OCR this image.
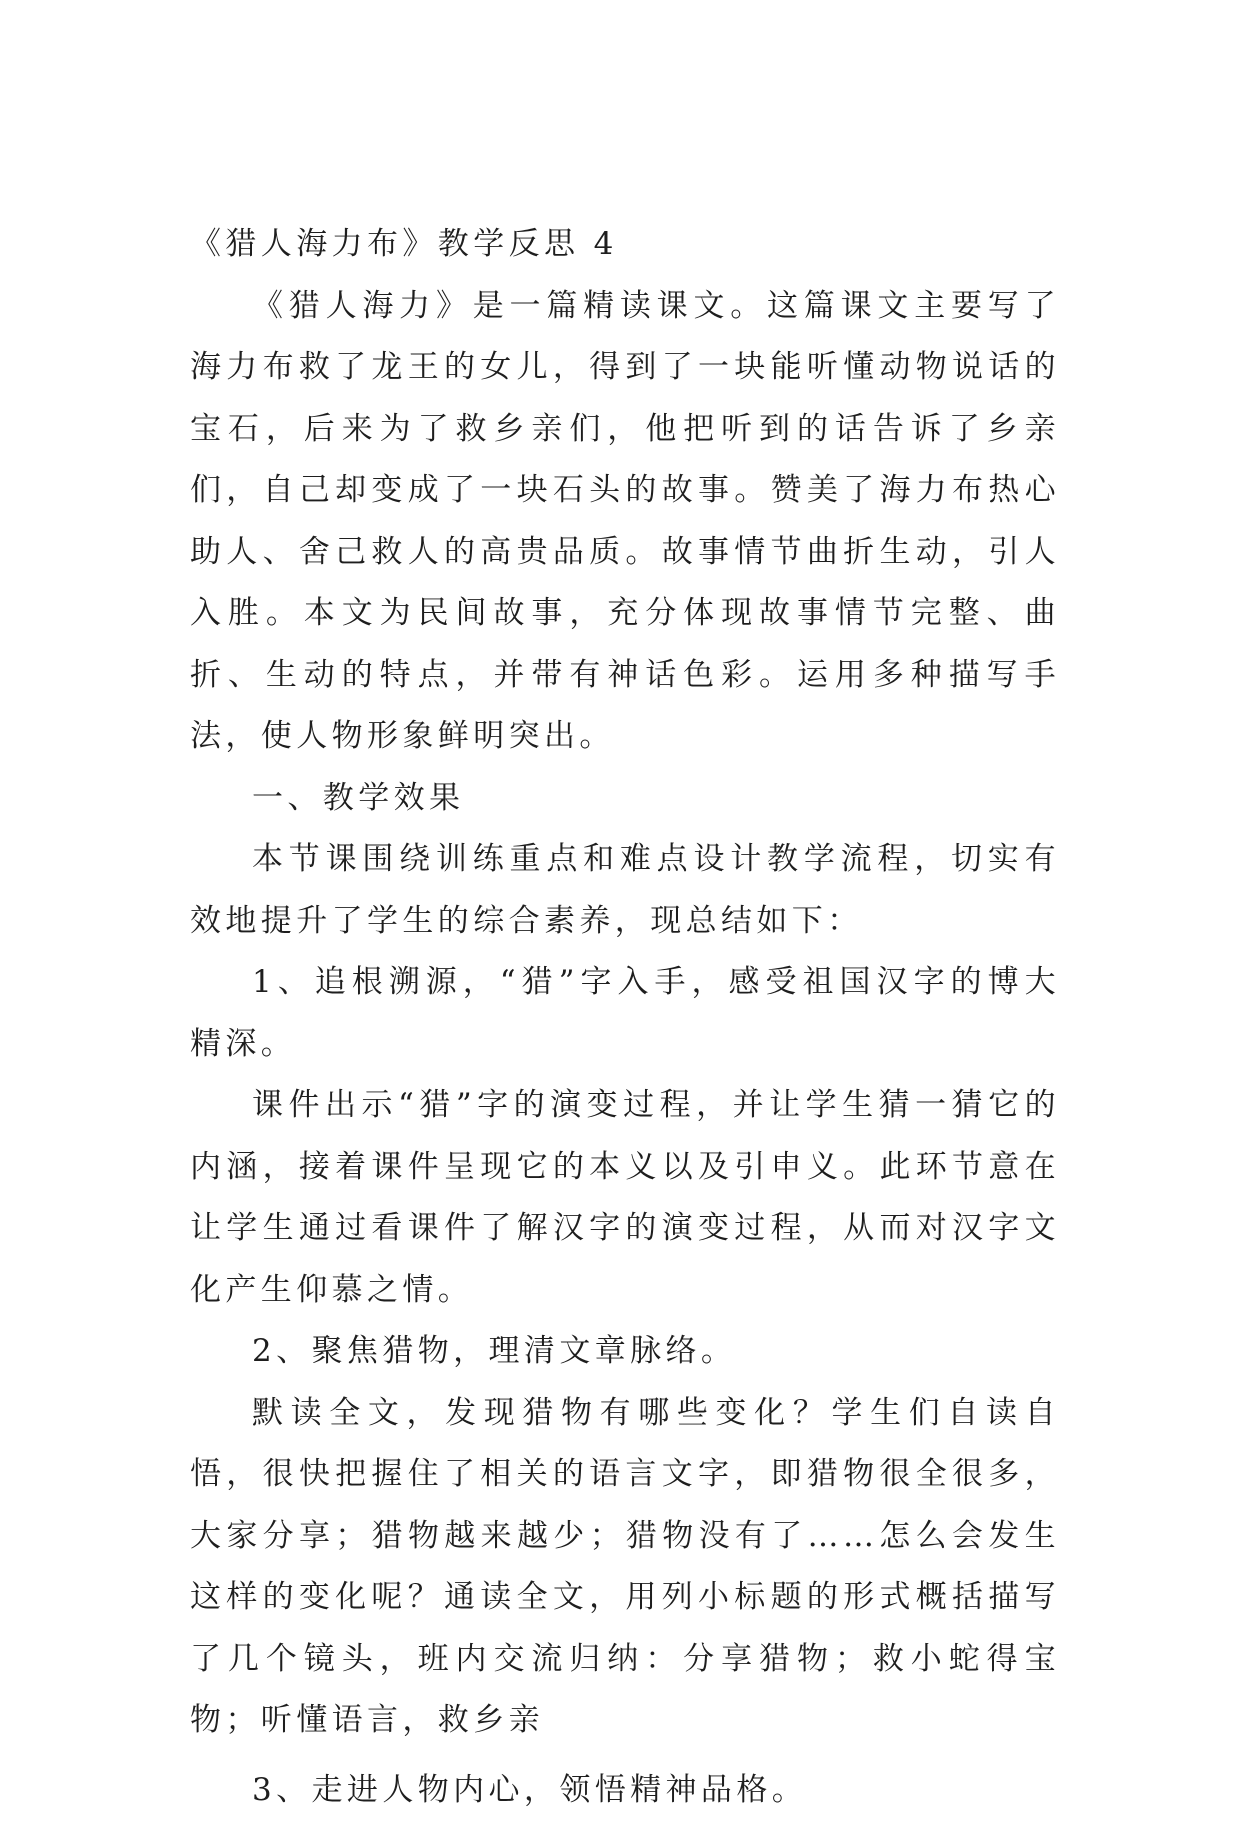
《猎人海力布》教学反思 4

《猎人海力》是一篇精读课文。这篇课文主要写了海力布救了龙王的女儿，得到了一块能听懂动物说话的宝石，后来为了救乡亲们，他把听到的话告诉了乡亲们，自己却变成了一块石头的故事。赞美了海力布热心助人、舍己救人的高贵品质。故事情节曲折生动，引人入胜。本文为民间故事，充分体现故事情节完整、曲折、生动的特点，并带有神话色彩。运用多种描写手法，使人物形象鲜明突出。

一、教学效果

本节课围绕训练重点和难点设计教学流程，切实有效地提升了学生的综合素养，现总结如下：

1、追根溯源，“猎”字入手，感受祖国汉字的博大精深。

课件出示“猎”字的演变过程，并让学生猜一猜它的内涵，接着课件呈现它的本义以及引申义。此环节意在让学生通过看课件了解汉字的演变过程，从而对汉字文化产生仰慕之情。

2、聚焦猎物，理清文章脉络。

默读全文，发现猎物有哪些变化？学生们自读自悟，很快把握住了相关的语言文字，即猎物很全很多，大家分享；猎物越来越少；猎物没有了……怎么会发生这样的变化呢？通读全文，用列小标题的形式概括描写了几个镜头，班内交流归纳：分享猎物；救小蛇得宝物；听懂语言，救乡亲

3、走进人物内心，领悟精神品格。
